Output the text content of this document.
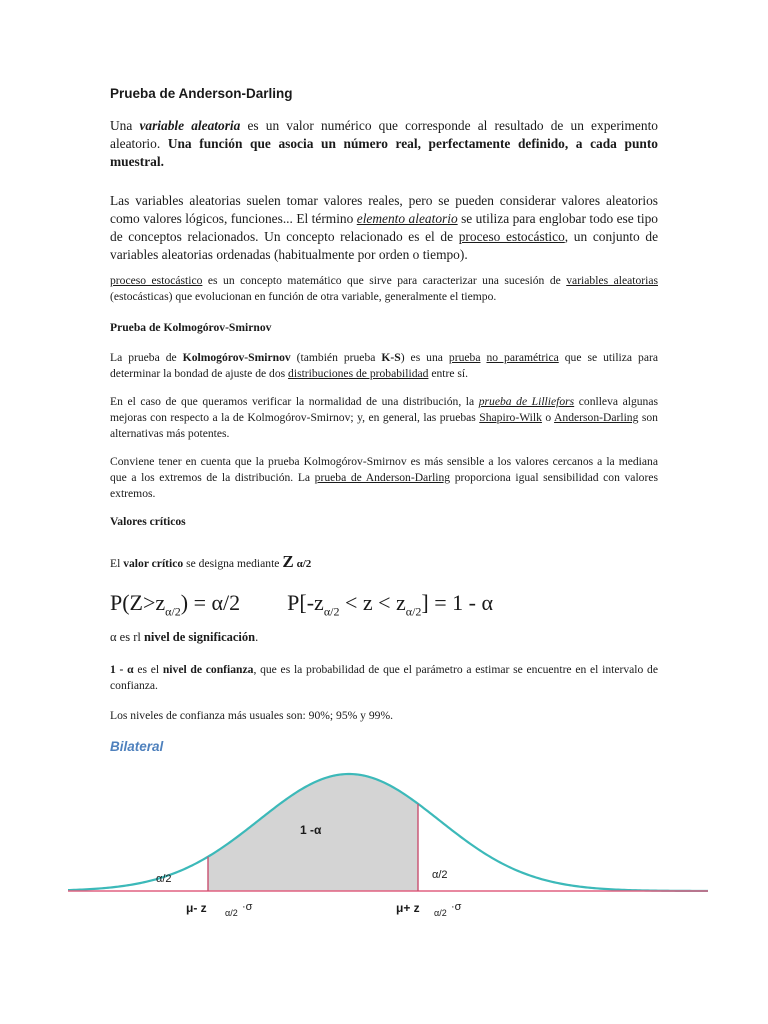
Prueba de Anderson-Darling
Una variable aleatoria es un valor numérico que corresponde al resultado de un experimento aleatorio. Una función que asocia un número real, perfectamente definido, a cada punto muestral.
Las variables aleatorias suelen tomar valores reales, pero se pueden considerar valores aleatorios como valores lógicos, funciones... El término elemento aleatorio se utiliza para englobar todo ese tipo de conceptos relacionados. Un concepto relacionado es el de proceso estocástico, un conjunto de variables aleatorias ordenadas (habitualmente por orden o tiempo).
proceso estocástico es un concepto matemático que sirve para caracterizar una sucesión de variables aleatorias (estocásticas) que evolucionan en función de otra variable, generalmente el tiempo.
Prueba de Kolmogórov-Smirnov
La prueba de Kolmogórov-Smirnov (también prueba K-S) es una prueba no paramétrica que se utiliza para determinar la bondad de ajuste de dos distribuciones de probabilidad entre sí.
En el caso de que queramos verificar la normalidad de una distribución, la prueba de Lilliefors conlleva algunas mejoras con respecto a la de Kolmogórov-Smirnov; y, en general, las pruebas Shapiro-Wilk o Anderson-Darling son alternativas más potentes.
Conviene tener en cuenta que la prueba Kolmogórov-Smirnov es más sensible a los valores cercanos a la mediana que a los extremos de la distribución. La prueba de Anderson-Darling proporciona igual sensibilidad con valores extremos.
Valores críticos
El valor crítico se designa mediante Z α/2
$P(Z>z_{\alpha/2}) = \alpha/2$ $P[-z_{\alpha/2} < z < z_{\alpha/2}] = 1 - \alpha$
α es rl nivel de significación.
1 - α es el nivel de confianza, que es la probabilidad de que el parámetro a estimar se encuentre en el intervalo de confianza.
Los niveles de confianza más usuales son: 90%; 95% y 99%.
Bilateral
1 -α
α/2	α/2
μ- z α/2 ·σ	μ+ z α/2 ·σ
